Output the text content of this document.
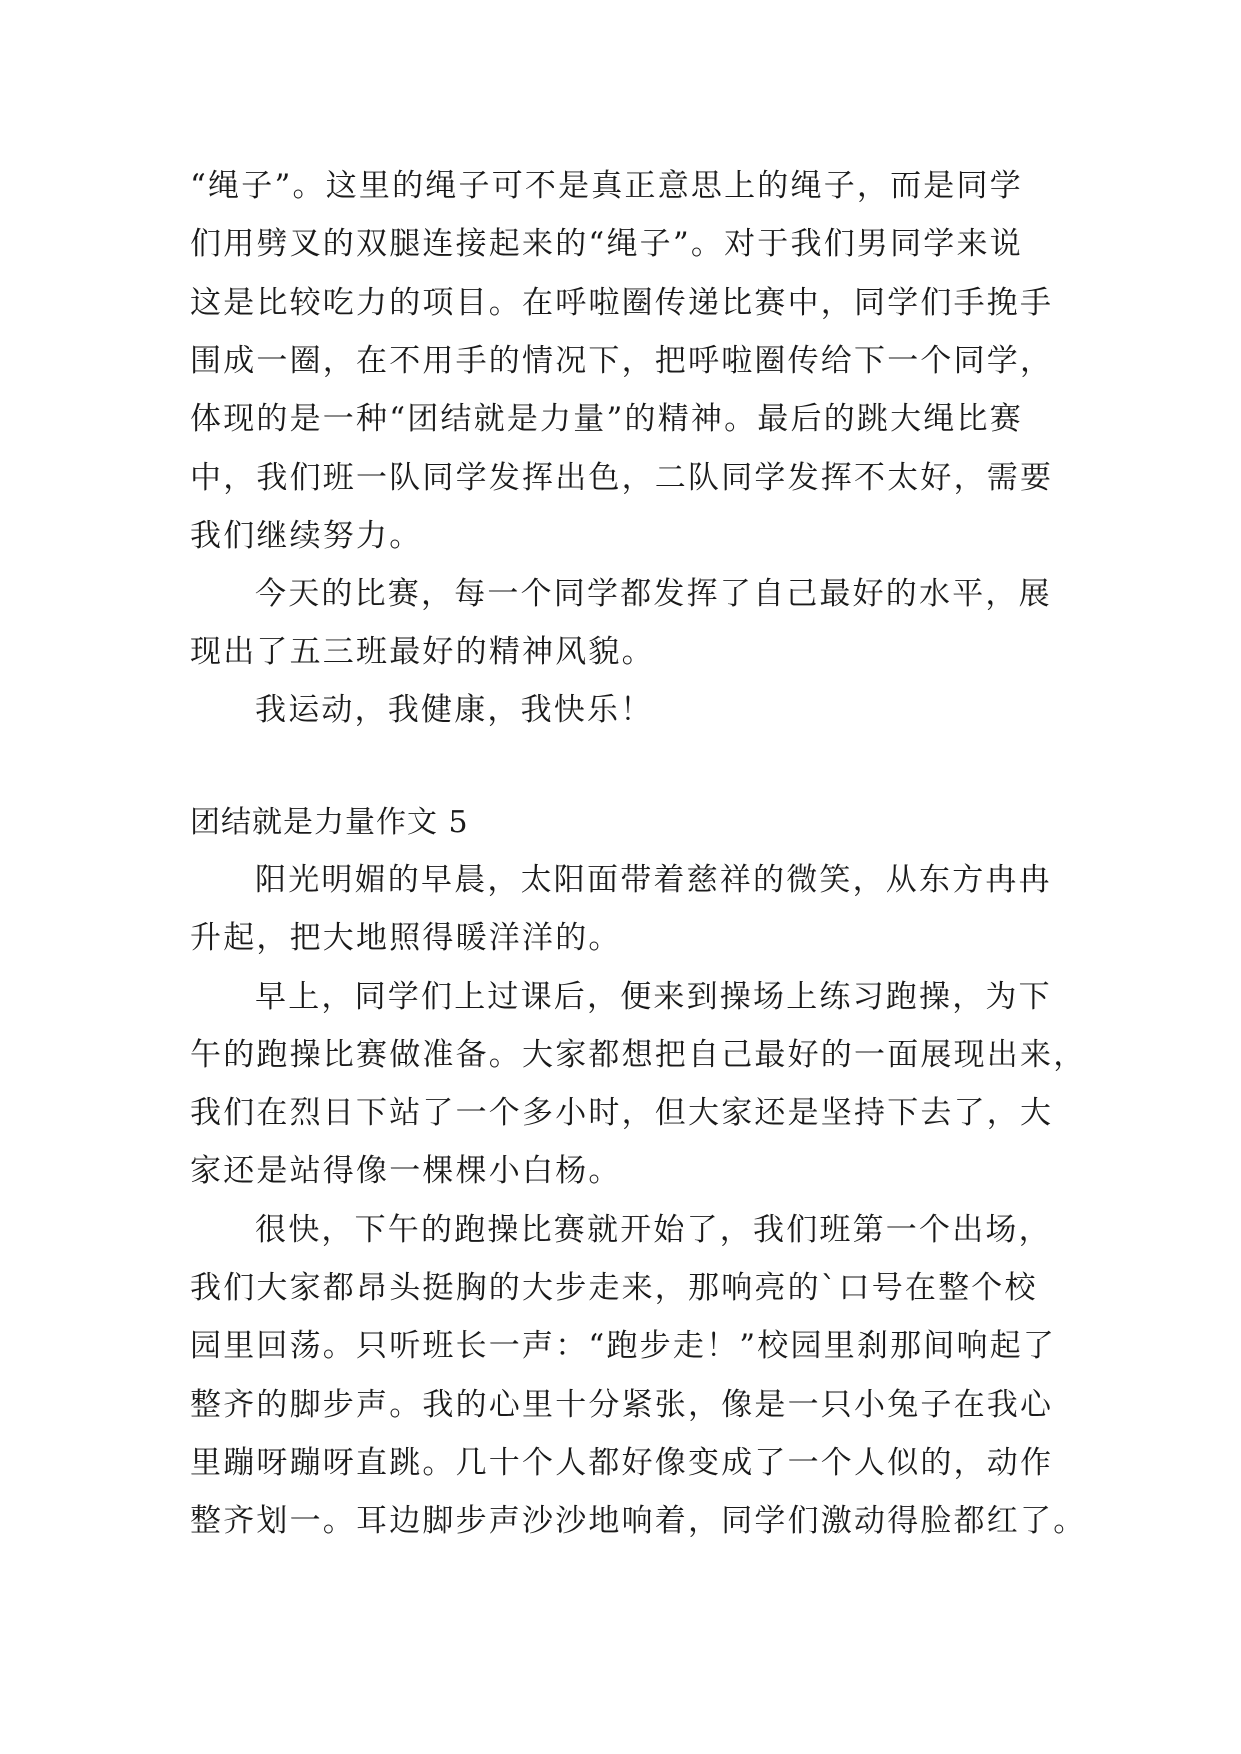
“绳子”。这里的绳子可不是真正意思上的绳子，而是同学
们用劈叉的双腿连接起来的“绳子”。对于我们男同学来说
这是比较吃力的项目。在呼啦圈传递比赛中，同学们手挽手
围成一圈，在不用手的情况下，把呼啦圈传给下一个同学，
体现的是一种“团结就是力量”的精神。最后的跳大绳比赛
中，我们班一队同学发挥出色，二队同学发挥不太好，需要
我们继续努力。
今天的比赛，每一个同学都发挥了自己最好的水平，展
现出了五三班最好的精神风貌。
我运动，我健康，我快乐！
团结就是力量作文 5
阳光明媚的早晨，太阳面带着慈祥的微笑，从东方冉冉
升起，把大地照得暖洋洋的。
早上，同学们上过课后，便来到操场上练习跑操，为下
午的跑操比赛做准备。大家都想把自己最好的一面展现出来，
我们在烈日下站了一个多小时，但大家还是坚持下去了，大
家还是站得像一棵棵小白杨。
很快，下午的跑操比赛就开始了，我们班第一个出场，
我们大家都昂头挺胸的大步走来，那响亮的`口号在整个校
园里回荡。只听班长一声：“跑步走！”校园里刹那间响起了
整齐的脚步声。我的心里十分紧张，像是一只小兔子在我心
里蹦呀蹦呀直跳。几十个人都好像变成了一个人似的，动作
整齐划一。耳边脚步声沙沙地响着，同学们激动得脸都红了。
